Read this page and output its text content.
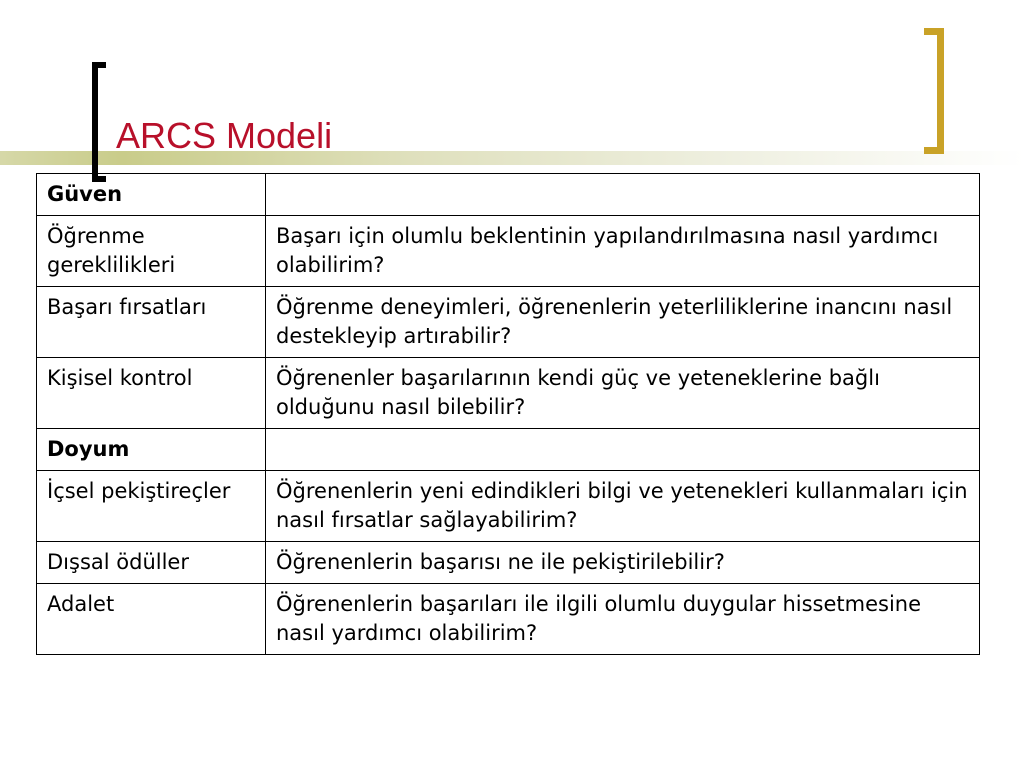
ARCS Modeli
Güven	
Öğrenme gereklilikleri	Başarı için olumlu beklentinin yapılandırılmasına nasıl yardımcı olabilirim?
Başarı fırsatları	Öğrenme deneyimleri, öğrenenlerin yeterliliklerine inancını nasıl destekleyip artırabilir?
Kişisel kontrol	Öğrenenler başarılarının kendi güç ve yeteneklerine bağlı olduğunu nasıl bilebilir?
Doyum	
İçsel pekiştireçler	Öğrenenlerin yeni edindikleri bilgi ve yetenekleri kullanmaları için nasıl fırsatlar sağlayabilirim?
Dışsal ödüller	Öğrenenlerin başarısı ne ile pekiştirilebilir?
Adalet	Öğrenenlerin başarıları ile ilgili olumlu duygular hissetmesine nasıl yardımcı olabilirim?
